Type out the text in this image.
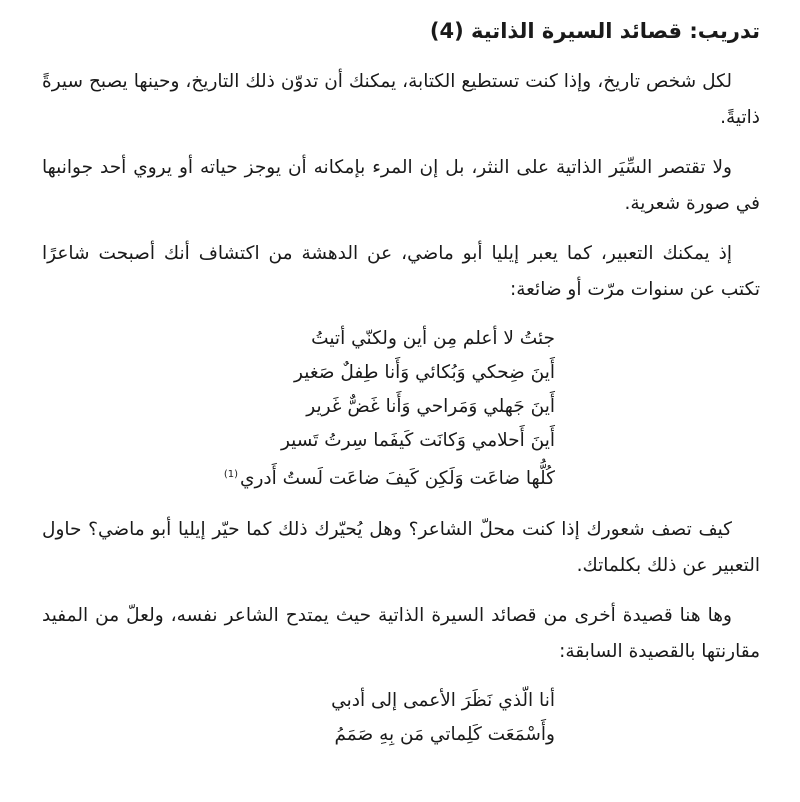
تدريب: قصائد السيرة الذاتية (4)

لكل شخص تاريخ، وإذا كنت تستطيع الكتابة، يمكنك أن تدوّن ذلك التاريخ، وحينها يصبح سيرةً ذاتيةً.

ولا تقتصر السِّيَر الذاتية على النثر، بل إن المرء بإمكانه أن يوجز حياته أو يروي أحد جوانبها في صورة شعرية.

إذ يمكنك التعبير، كما يعبر إيليا أبو ماضي، عن الدهشة من اكتشاف أنك أصبحت شاعرًا تكتب عن سنوات مرّت أو ضائعة:

جئتُ لا أعلم مِن أين ولكنّي أتيتُ
أَينَ ضِحكي وَبُكائي وَأَنا طِفلٌ صَغير
أَينَ جَهلي وَمَراحي وَأَنا غَضٌّ غَرير
أَينَ أَحلامي وَكانَت كَيفَما سِرتُ تَسير
كُلُّها ضاعَت وَلَكِن كَيفَ ضاعَت لَستُ أَدري$^{(1)}$

كيف تصف شعورك إذا كنت محلّ الشاعر؟ وهل يُحيّرك ذلك كما حيّر إيليا أبو ماضي؟ حاول التعبير عن ذلك بكلماتك.

وها هنا قصيدة أخرى من قصائد السيرة الذاتية حيث يمتدح الشاعر نفسه، ولعلّ من المفيد مقارنتها بالقصيدة السابقة:

أنا الّذي نَظَرَ الأعمى إلى أدبي
وأَسْمَعَت كَلِماتي مَن بِهِ صَمَمُ
